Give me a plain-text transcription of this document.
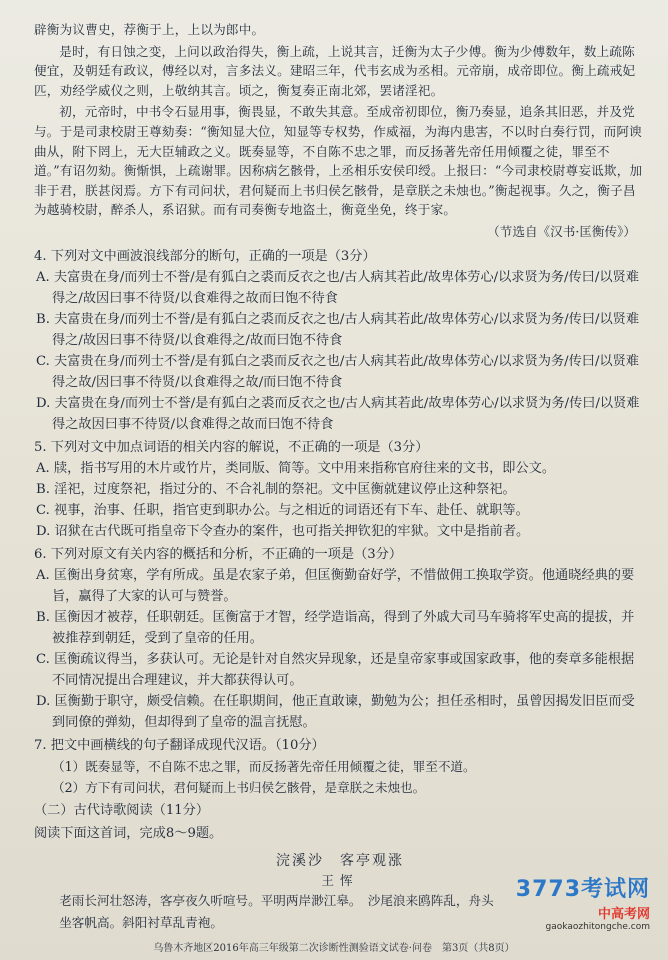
辟衡为议曹史，荐衡于上，上以为郎中。

是时，有日蚀之变，上问以政治得失，衡上疏，上说其言，迁衡为太子少傅。衡为少傅数年，数上疏陈便宜，及朝廷有政议，傅经以对，言多法义。建昭三年，代韦玄成为丞相。元帝崩，成帝即位。衡上疏戒妃匹，劝经学威仪之则，上敬纳其言。顷之，衡复奏正南北郊，罢诸淫祀。

初，元帝时，中书令石显用事，衡畏显，不敢失其意。至成帝初即位，衡乃奏显，追条其旧恶，并及党与。于是司隶校尉王尊劾奏：“衡知显大位，知显等专权势，作威福，为海内患害，不以时白奏行罚，而阿谀曲从，附下罔上，无大臣辅政之义。既奏显等，不自陈不忠之罪，而反扬著先帝任用倾覆之徒，罪至不道。”有诏勿劾。衡惭惧，上疏谢罪。因称病乞骸骨，上丞相乐安侯印绶。上报曰：“今司隶校尉尊妄诋欺，加非于君，朕甚闵焉。方下有司问状，君何疑而上书归侯乞骸骨，是章朕之未烛也。”衡起视事。久之，衡子昌为越骑校尉，醉杀人，系诏狱。而有司奏衡专地盗土，衡竟坐免，终于家。

（节选自《汉书·匡衡传》）
4. 下列对文中画波浪线部分的断句，正确的一项是（3分）
A. 夫富贵在身/而列士不誉/是有狐白之裘而反衣之也/古人病其若此/故卑体劳心/以求贤为务/传曰/以贤难得之/故因曰事不待贤/以食难得之故而曰饱不待食
B. 夫富贵在身/而列士不誉/是有狐白之裘而反衣之也/古人病其若此/故卑体劳心/以求贤为务/传曰/以贤难得之/故因曰事不待贤/以食难得之/故而曰饱不待食
C. 夫富贵在身/而列士不誉/是有狐白之裘而反衣之也/古人病其若此/故卑体劳心/以求贤为务/传曰/以贤难得之故/因曰事不待贤/以食难得之故/而曰饱不待食
D. 夫富贵在身/而列士不誉/是有狐白之裘而反衣之也/古人病其若此/故卑体劳心/以求贤为务/传曰/以贤难得之故因曰事不待贤/以食难得之故而曰饱不待食
5. 下列对文中加点词语的相关内容的解说，不正确的一项是（3分）
A. 牍，指书写用的木片或竹片，类同版、简等。文中用来指称官府往来的文书，即公文。
B. 淫祀，过度祭祀，指过分的、不合礼制的祭祀。文中匡衡就建议停止这种祭祀。
C. 视事，治事、任职，指官吏到职办公。与之相近的词语还有下车、赴任、就职等。
D. 诏狱在古代既可指皇帝下令查办的案件，也可指关押钦犯的牢狱。文中是指前者。
6. 下列对原文有关内容的概括和分析，不正确的一项是（3分）
A. 匡衡出身贫寒，学有所成。虽是农家子弟，但匡衡勤奋好学，不惜做佣工换取学资。他通晓经典的要旨，赢得了大家的认可与赞誉。
B. 匡衡因才被荐，任职朝廷。匡衡富于才智，经学造诣高，得到了外戚大司马车骑将军史高的提拔，并被推荐到朝廷，受到了皇帝的任用。
C. 匡衡疏议得当，多获认可。无论是针对自然灾异现象，还是皇帝家事或国家政事，他的奏章多能根据不同情况提出合理建议，并大都获得认可。
D. 匡衡勤于职守，颇受信赖。在任职期间，他正直敢谏，勤勉为公；担任丞相时，虽曾因揭发旧臣而受到同僚的弹劾，但却得到了皇帝的温言抚慰。
7. 把文中画横线的句子翻译成现代汉语。（10分）
（1）既奏显等，不自陈不忠之罪，而反扬著先帝任用倾覆之徒，罪至不道。
（2）方下有司问状，君何疑而上书归侯乞骸骨，是章朕之未烛也。
（二）古代诗歌阅读（11分）
阅读下面这首词，完成8～9题。
浣溪沙　客亭观涨
王恽

老雨长河壮怒涛，客亭夜久听喧号。平明两岸渺江皋。　 沙尾浪来鸥阵乱，舟头

坐客帆高。斜阳衬草乱青袍。

3773考试网
中高考网
gaokaozhitongche.com
乌鲁木齐地区2016年高三年级第二次诊断性测验语文试卷·问卷　第3页（共8页）
